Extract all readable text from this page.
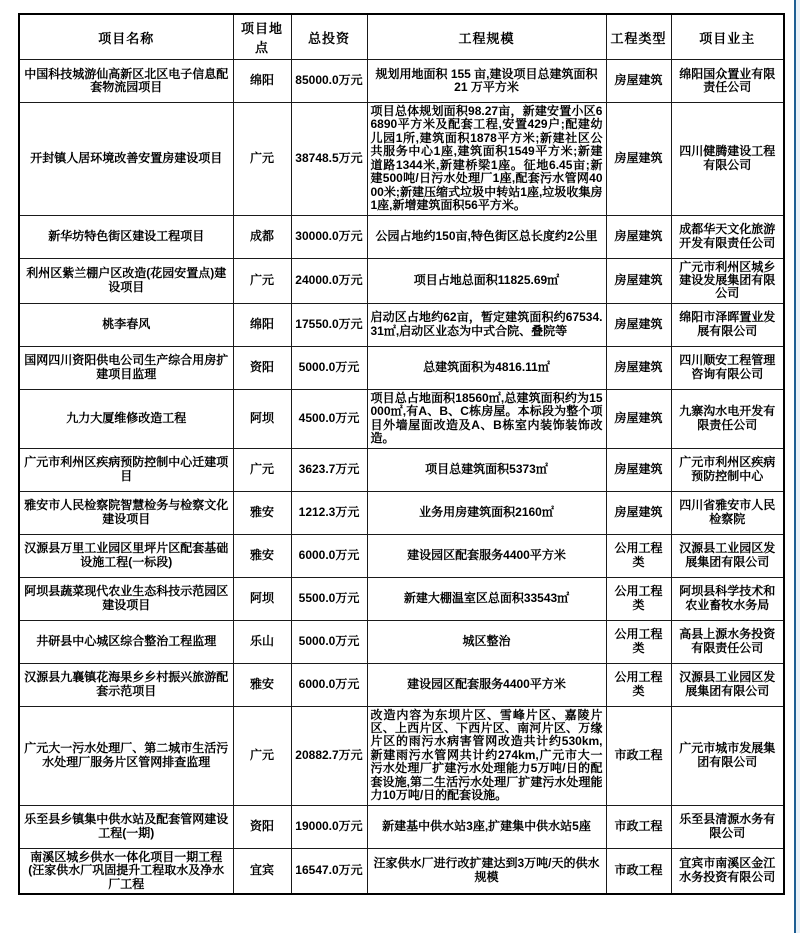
项目名称	项目地点	总投资	工程规模	工程类型	项目业主
中国科技城游仙高新区北区电子信息配套物流园项目	绵阳	85000.0万元	规划用地面积 155 亩,建设项目总建筑面积 21 万平方米	房屋建筑	绵阳国众置业有限责任公司
开封镇人居环境改善安置房建设项目	广元	38748.5万元	项目总体规划面积98.27亩，新建安置小区66890平方米及配套工程,安置429户;配建幼儿园1所,建筑面积1878平方米;新建社区公共服务中心1座,建筑面积1549平方米;新建道路1344米,新建桥梁1座。征地6.45亩;新建500吨/日污水处理厂1座,配套污水管网4000米;新建压缩式垃圾中转站1座,垃圾收集房1座,新增建筑面积56平方米。	房屋建筑	四川健腾建设工程有限公司
新华坊特色街区建设工程项目	成都	30000.0万元	公园占地约150亩,特色街区总长度约2公里	房屋建筑	成都华天文化旅游开发有限责任公司
利州区紫兰棚户区改造(花园安置点)建设项目	广元	24000.0万元	项目占地总面积11825.69㎡	房屋建筑	广元市利州区城乡建设发展集团有限公司
桃李春风	绵阳	17550.0万元	启动区占地约62亩，暂定建筑面积约67534.31㎡,启动区业态为中式合院、叠院等	房屋建筑	绵阳市泽晖置业发展有限公司
国网四川资阳供电公司生产综合用房扩建项目监理	资阳	5000.0万元	总建筑面积为4816.11㎡	房屋建筑	四川顺安工程管理咨询有限公司
九力大厦维修改造工程	阿坝	4500.0万元	项目总占地面积18560㎡,总建筑面积约为15000㎡,有A、B、C栋房屋。本标段为整个项目外墙屋面改造及A、B栋室内装饰装饰改造。	房屋建筑	九寨沟水电开发有限责任公司
广元市利州区疾病预防控制中心迁建项目	广元	3623.7万元	项目总建筑面积5373㎡	房屋建筑	广元市利州区疾病预防控制中心
雅安市人民检察院智慧检务与检察文化建设项目	雅安	1212.3万元	业务用房建筑面积2160㎡	房屋建筑	四川省雅安市人民检察院
汉源县万里工业园区里坪片区配套基础设施工程(一标段)	雅安	6000.0万元	建设园区配套服务4400平方米	公用工程类	汉源县工业园区发展集团有限公司
阿坝县蔬菜现代农业生态科技示范园区建设项目	阿坝	5500.0万元	新建大棚温室区总面积33543㎡	公用工程类	阿坝县科学技术和农业畜牧水务局
井研县中心城区综合整治工程监理	乐山	5000.0万元	城区整治	公用工程类	高县上源水务投资有限责任公司
汉源县九襄镇花海果乡乡村振兴旅游配套示范项目	雅安	6000.0万元	建设园区配套服务4400平方米	公用工程类	汉源县工业园区发展集团有限公司
广元大一污水处理厂、第二城市生活污水处理厂服务片区管网排查监理	广元	20882.7万元	改造内容为东坝片区、雪峰片区、嘉陵片区、上西片区、下西片区、南河片区、万缘片区的雨污水病害管网改造共计约530km,新建雨污水管网共计约274km,广元市大一污水处理厂扩建污水处理能力5万吨/日的配套设施,第二生活污水处理厂扩建污水处理能力10万吨/日的配套设施。	市政工程	广元市城市发展集团有限公司
乐至县乡镇集中供水站及配套管网建设工程(一期)	资阳	19000.0万元	新建基中供水站3座,扩建集中供水站5座	市政工程	乐至县清源水务有限公司
南溪区城乡供水一体化项目一期工程(汪家供水厂巩固提升工程取水及净水厂工程	宜宾	16547.0万元	汪家供水厂进行改扩建达到3万吨/天的供水规模	市政工程	宜宾市南溪区金江水务投资有限公司
